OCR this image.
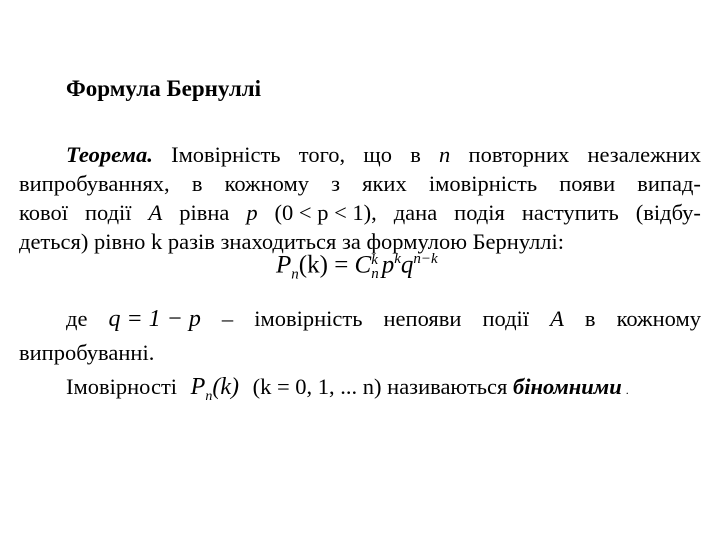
Формула Бернуллі
Теорема. Імовірність того, що в n повторних незалежних
випробуваннях, в кожному з яких імовірність появи випад-
кової події A рівна p (0 < p < 1), дана подія наступить (відбу-
деться) рівно k разів знаходиться за формулою Бернуллі:
$P_n(k) = C$ k
n $p^kq^{n-k}$
де q = 1 − p – імовірність непояви події A в кожному
випробуванні.
Імовірності $P_n(k) (k = 0$, 1, ... n) називаються біномними .
